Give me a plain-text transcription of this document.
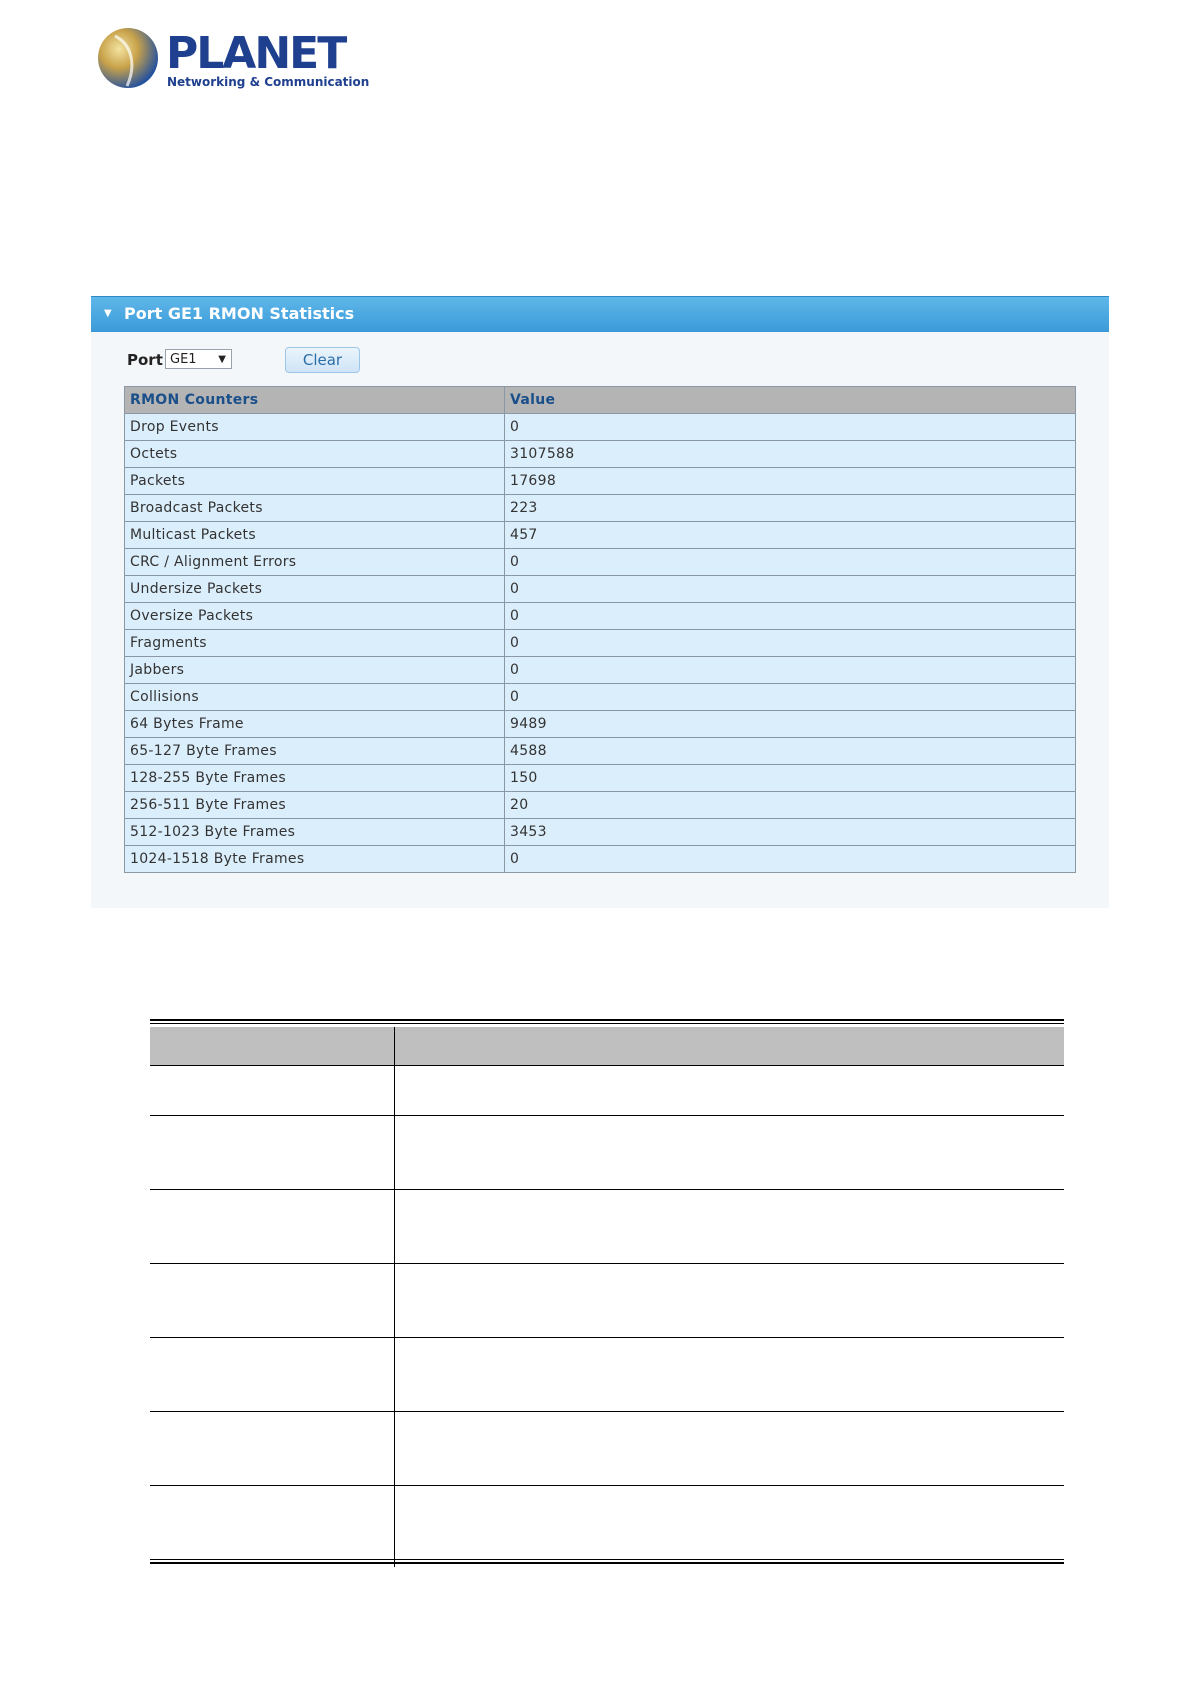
PLANET
Networking & Communication
▼ Port GE1 RMON Statistics
Port GE1 ▼	Clear
RMON Counters	Value
Drop Events	0
Octets	3107588
Packets	17698
Broadcast Packets	223
Multicast Packets	457
CRC / Alignment Errors	0
Undersize Packets	0
Oversize Packets	0
Fragments	0
Jabbers	0
Collisions	0
64 Bytes Frame	9489
65-127 Byte Frames	4588
128-255 Byte Frames	150
256-511 Byte Frames	20
512-1023 Byte Frames	3453
1024-1518 Byte Frames	0
